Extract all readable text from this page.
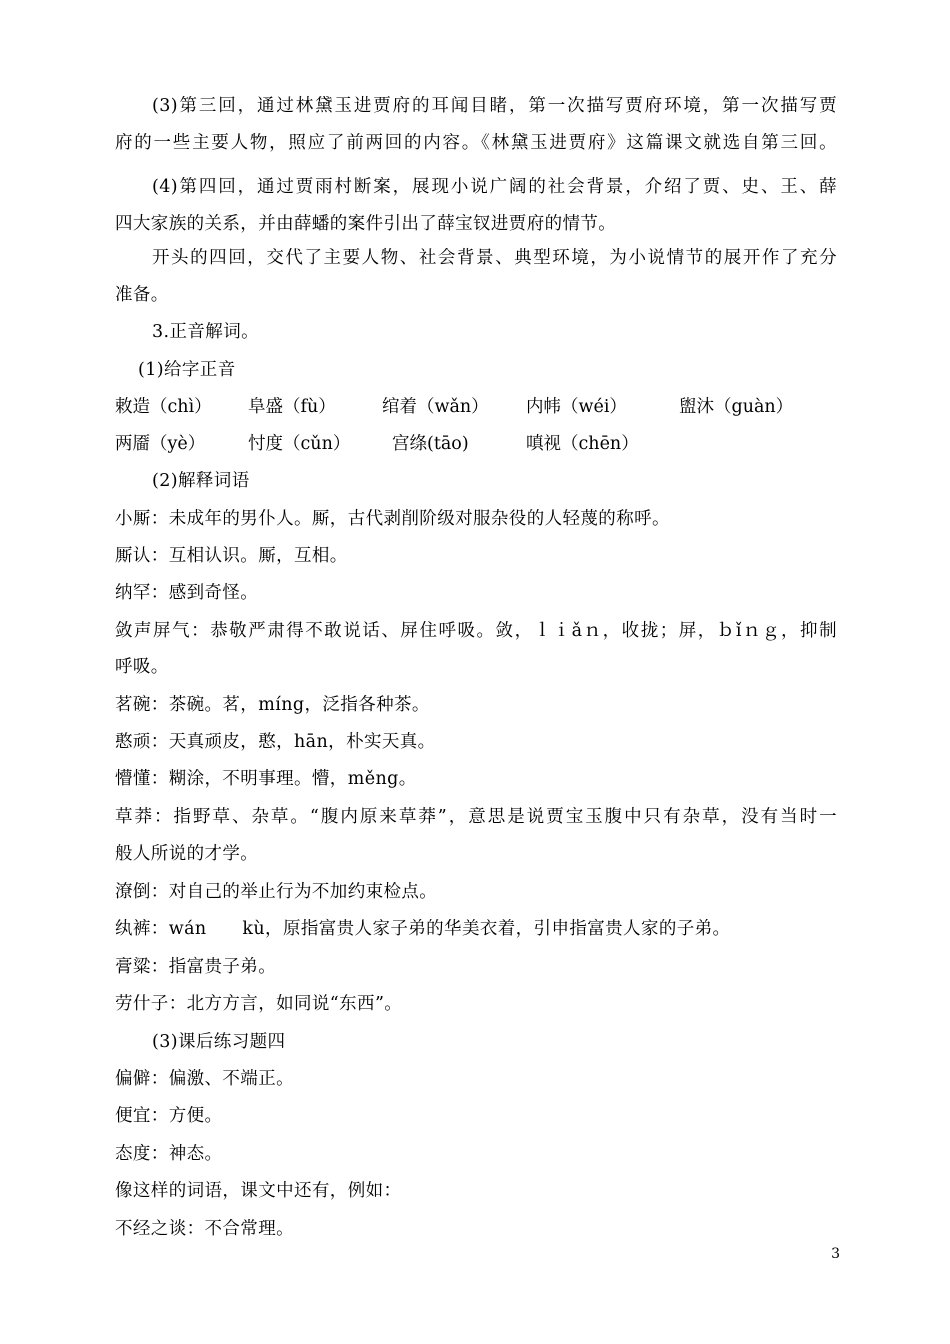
(3)第三回，通过林黛玉进贾府的耳闻目睹，第一次描写贾府环境，第一次描写贾
府的一些主要人物，照应了前两回的内容。《林黛玉进贾府》这篇课文就选自第三回。
(4)第四回，通过贾雨村断案，展现小说广阔的社会背景，介绍了贾、史、王、薛
四大家族的关系，并由薛蟠的案件引出了薛宝钗进贾府的情节。
开头的四回，交代了主要人物、社会背景、典型环境，为小说情节的展开作了充分
准备。
3.正音解词。
(1)给字正音
敕造（chì） 阜盛（fù）	绾着（wǎn） 内帏（wéi）	盥沐（guàn）
两靥（yè） 忖度（cǔn） 宫绦(tāo)	嗔视（chēn）
(2)解释词语
小厮：未成年的男仆人。厮，古代剥削阶级对服杂役的人轻蔑的称呼。
厮认：互相认识。厮，互相。
纳罕：感到奇怪。
敛声屏气：恭敬严肃得不敢说话、屏住呼吸。敛，ｌｉǎｎ，收拢；屏，ｂǐｎｇ，抑制
呼吸。
茗碗：茶碗。茗，míng，泛指各种茶。
憨顽：天真顽皮，憨，hān，朴实天真。
懵懂：糊涂，不明事理。懵，měng。
草莽：指野草、杂草。“腹内原来草莽”，意思是说贾宝玉腹中只有杂草，没有当时一
般人所说的才学。
潦倒：对自己的举止行为不加约束检点。
纨裤：wán　　kù，原指富贵人家子弟的华美衣着，引申指富贵人家的子弟。
膏粱：指富贵子弟。
劳什子：北方方言，如同说“东西”。
(3)课后练习题四
偏僻：偏激、不端正。
便宜：方便。
态度：神态。
像这样的词语，课文中还有，例如：
不经之谈：不合常理。
3
